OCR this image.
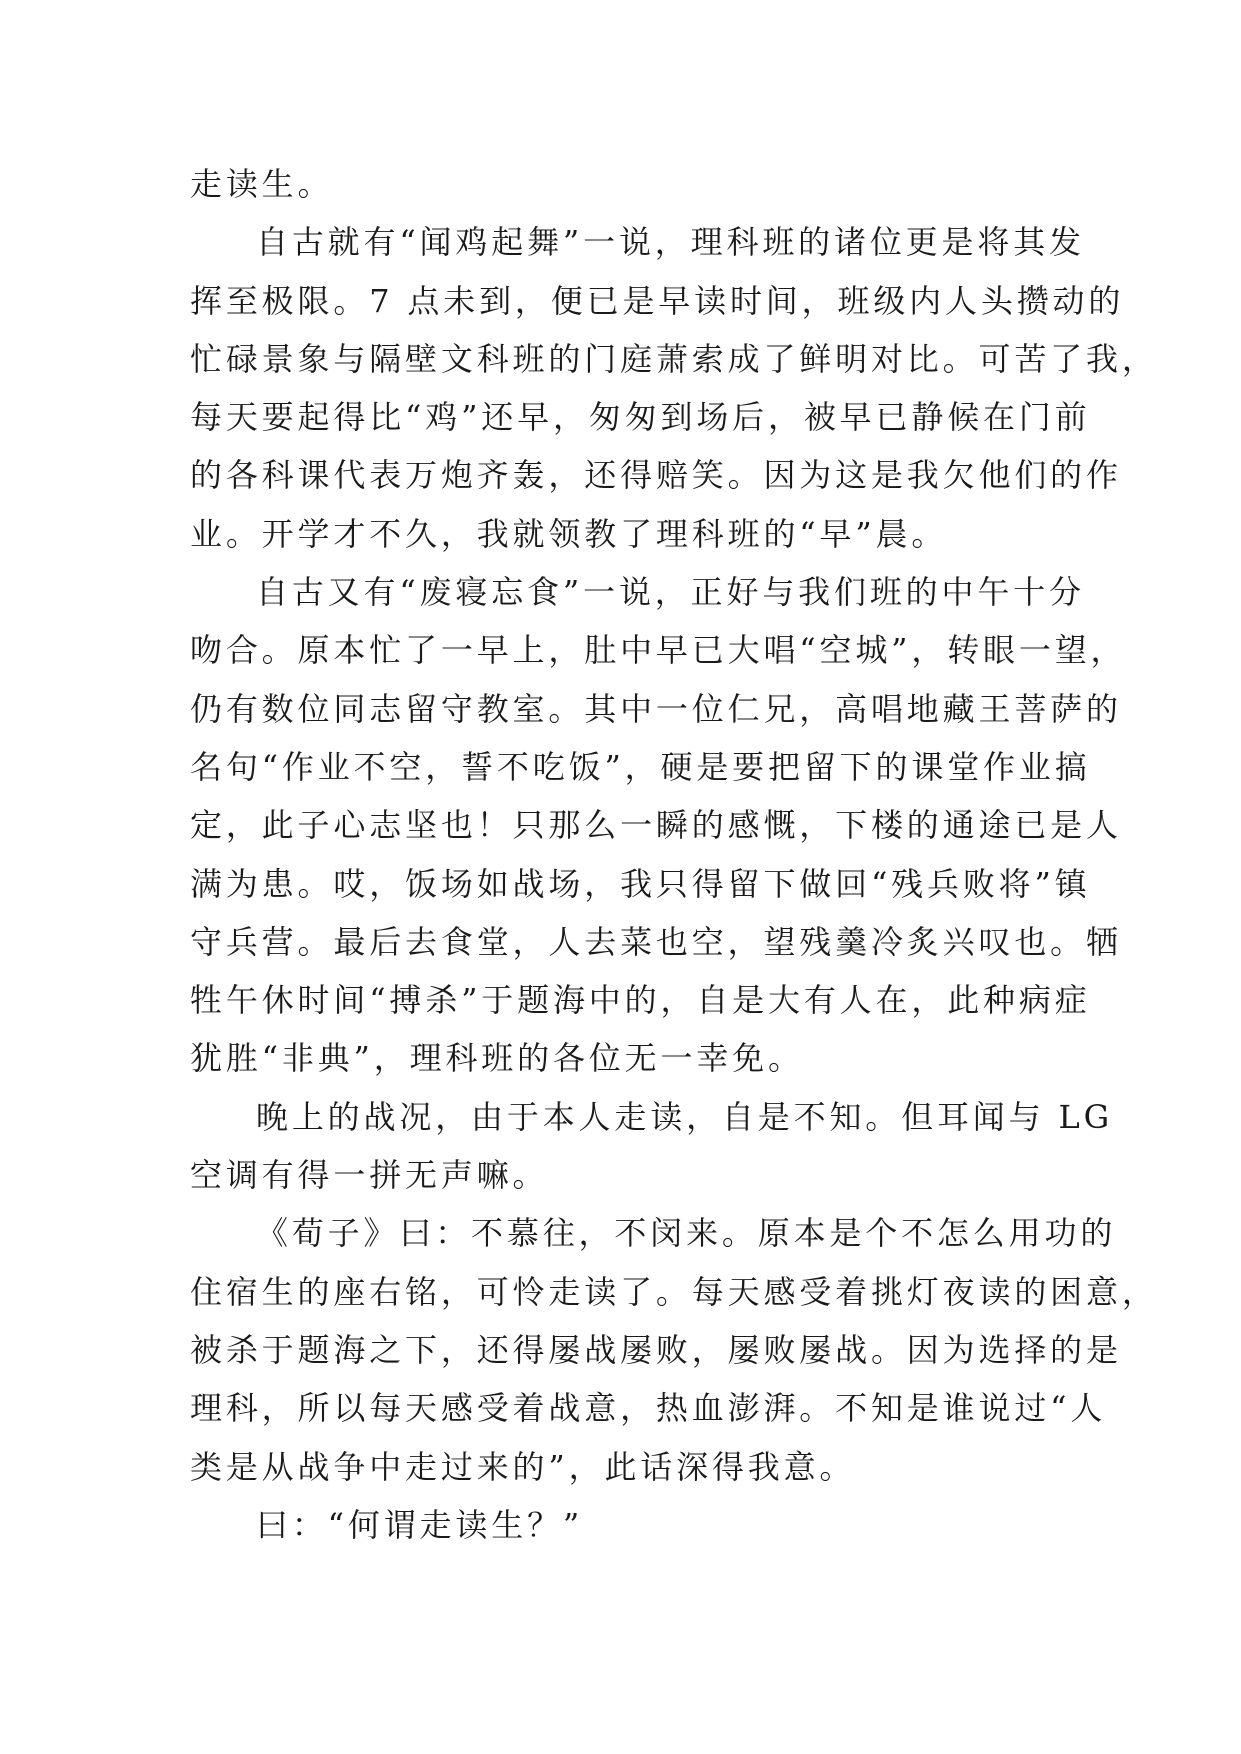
走读生。
自古就有“闻鸡起舞”一说，理科班的诸位更是将其发
挥至极限。7 点未到，便已是早读时间，班级内人头攒动的
忙碌景象与隔壁文科班的门庭萧索成了鲜明对比。可苦了我，
每天要起得比“鸡”还早，匆匆到场后，被早已静候在门前
的各科课代表万炮齐轰，还得赔笑。因为这是我欠他们的作
业。开学才不久，我就领教了理科班的“早”晨。
自古又有“废寝忘食”一说，正好与我们班的中午十分
吻合。原本忙了一早上，肚中早已大唱“空城”，转眼一望，
仍有数位同志留守教室。其中一位仁兄，高唱地藏王菩萨的
名句“作业不空，誓不吃饭”，硬是要把留下的课堂作业搞
定，此子心志坚也！只那么一瞬的感慨，下楼的通途已是人
满为患。哎，饭场如战场，我只得留下做回“残兵败将”镇
守兵营。最后去食堂，人去菜也空，望残羹冷炙兴叹也。牺
牲午休时间“搏杀”于题海中的，自是大有人在，此种病症
犹胜“非典”，理科班的各位无一幸免。
晚上的战况，由于本人走读，自是不知。但耳闻与 LG
空调有得一拼无声嘛。
《荀子》曰：不慕往，不闵来。原本是个不怎么用功的
住宿生的座右铭，可怜走读了。每天感受着挑灯夜读的困意，
被杀于题海之下，还得屡战屡败，屡败屡战。因为选择的是
理科，所以每天感受着战意，热血澎湃。不知是谁说过“人
类是从战争中走过来的”，此话深得我意。
曰：“何谓走读生？”
